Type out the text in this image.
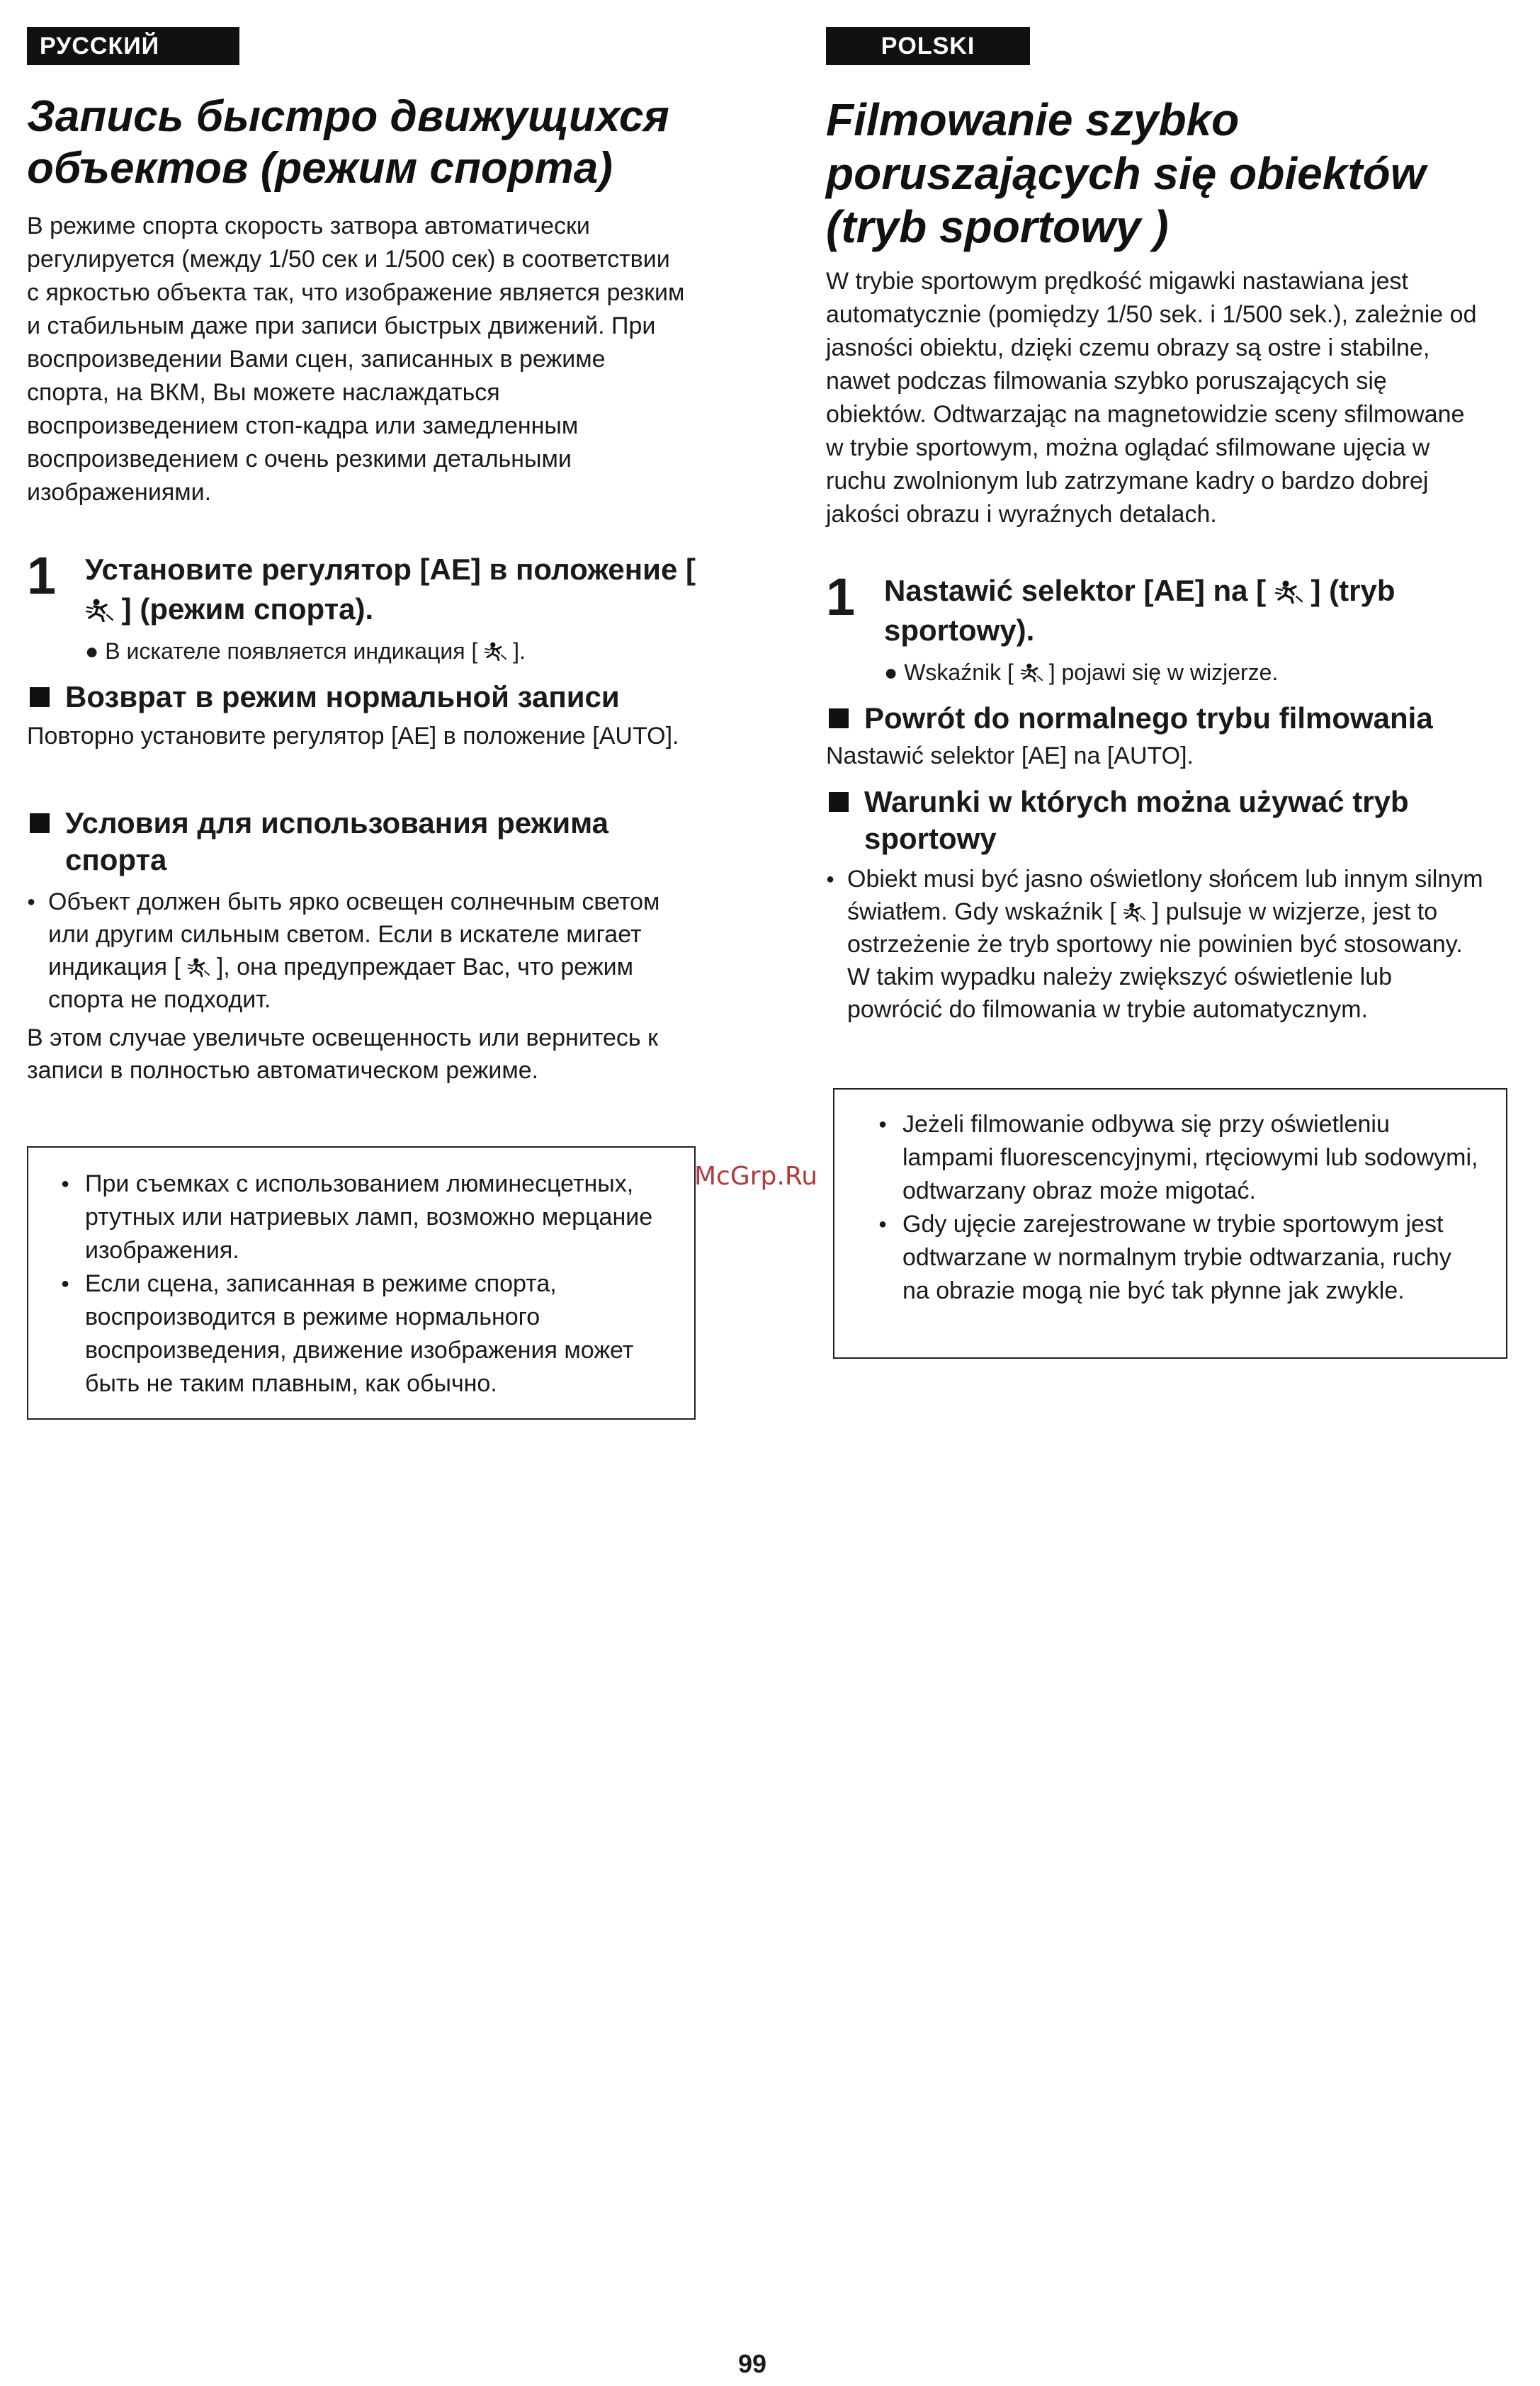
РУССКИЙ ЯЗЫК
Запись быстро движущихся объектов (режим спорта)

В режиме спорта скорость затвора автоматически регулируется (между 1/50 сек и 1/500 сек) в соответствии с яркостью объекта так, что изображение является резким и стабильным даже при записи быстрых движений. При воспроизведении Вами сцен, записанных в режиме спорта, на ВКМ, Вы можете наслаждаться воспроизведением стоп-кадра или замедленным воспроизведением с очень резкими детальными изображениями.

1 Установите регулятор [AE] в положение [  ] (режим спорта).

● В искателе появляется индикация [ ].

Возврат в режим нормальной записи

Повторно установите регулятор [AE] в положение [AUTO].

Условия для использования режима спорта
● Объект должен быть ярко освещен солнечным светом или другим сильным светом. Если в искателе мигает индикация [ ], она предупреждает Вас, что режим спорта не подходит.

В этом случае увеличьте освещенность или вернитесь к записи в полностью автоматическом режиме.

● При съемках с использованием люминесцетных, ртутных или натриевых ламп, возможно мерцание изображения.
● Если сцена, записанная в режиме спорта, воспроизводится в режиме нормального воспроизведения, движение изображения может быть не таким плавным, как обычно.
POLSKI
Filmowanie szybko poruszających się obiektów (tryb sportowy )

W trybie sportowym prędkość migawki nastawiana jest automatycznie (pomiędzy 1/50 sek. i 1/500 sek.), zależnie od jasności obiektu, dzięki czemu obrazy są ostre i stabilne, nawet podczas filmowania szybko poruszających się obiektów. Odtwarzając na magnetowidzie sceny sfilmowane w trybie sportowym, można oglądać sfilmowane ujęcia w ruchu zwolnionym lub zatrzymane kadry o bardzo dobrej jakości obrazu i wyraźnych detalach.

1 Nastawić selektor [AE] na [ ] (tryb sportowy).

● Wskaźnik [ ] pojawi się w wizjerze.

Powrót do normalnego trybu filmowania

Nastawić selektor [AE] na [AUTO].

Warunki w których można używać tryb sportowy
● Obiekt musi być jasno oświetlony słońcem lub innym silnym światłem. Gdy wskaźnik [ ] pulsuje w wizjerze, jest to ostrzeżenie że tryb sportowy nie powinien być stosowany. W takim wypadku należy zwiększyć oświetlenie lub powrócić do filmowania w trybie automatycznym.
● Jeżeli filmowanie odbywa się przy oświetleniu lampami fluorescencyjnymi, rtęciowymi lub sodowymi, odtwarzany obraz może migotać.
● Gdy ujęcie zarejestrowane w trybie sportowym jest odtwarzane w normalnym trybie odtwarzania, ruchy na obrazie mogą nie być tak płynne jak zwykle.
McGrp.Ru
99
